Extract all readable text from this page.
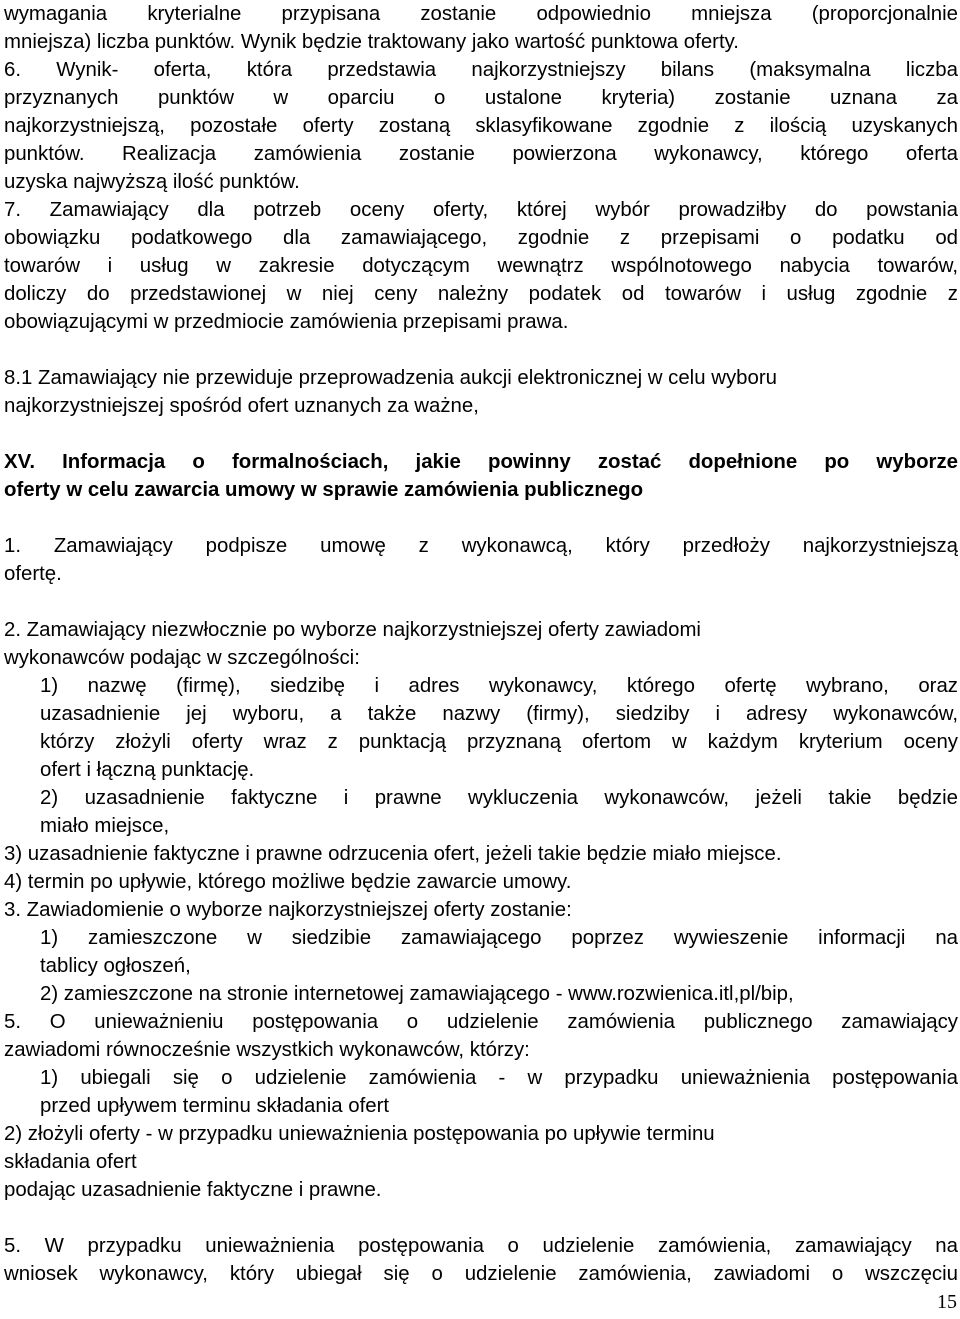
wymagania kryterialne przypisana zostanie odpowiednio mniejsza (proporcjonalnie

mniejsza) liczba punktów. Wynik będzie traktowany jako wartość punktowa oferty.

6. Wynik- oferta, która przedstawia najkorzystniejszy bilans (maksymalna liczba

przyznanych punktów w oparciu o ustalone kryteria) zostanie uznana za

najkorzystniejszą, pozostałe oferty zostaną sklasyfikowane zgodnie z ilością uzyskanych

punktów. Realizacja zamówienia zostanie powierzona wykonawcy, którego oferta

uzyska najwyższą ilość punktów.

7. Zamawiający dla potrzeb oceny oferty, której wybór prowadziłby do powstania

obowiązku podatkowego dla zamawiającego, zgodnie z przepisami o podatku od

towarów i usług w zakresie dotyczącym wewnątrz wspólnotowego nabycia towarów,

doliczy do przedstawionej w niej ceny należny podatek od towarów i usług zgodnie z

obowiązującymi w przedmiocie zamówienia przepisami prawa.

8.1 Zamawiający nie przewiduje przeprowadzenia aukcji elektronicznej w celu wyboru

najkorzystniejszej spośród ofert uznanych za ważne,

XV. Informacja o formalnościach, jakie powinny zostać dopełnione po wyborze

oferty w celu zawarcia umowy w sprawie zamówienia publicznego

1. Zamawiający podpisze umowę z wykonawcą, który przedłoży najkorzystniejszą

ofertę.

2. Zamawiający niezwłocznie po wyborze najkorzystniejszej oferty zawiadomi

wykonawców podając w szczególności:

1) nazwę (firmę), siedzibę i adres wykonawcy, którego ofertę wybrano, oraz

uzasadnienie jej wyboru, a także nazwy (firmy), siedziby i adresy wykonawców,

którzy złożyli oferty wraz z punktacją przyznaną ofertom w każdym kryterium oceny

ofert i łączną punktację.

2) uzasadnienie faktyczne i prawne wykluczenia wykonawców, jeżeli takie będzie

miało miejsce,

3) uzasadnienie faktyczne i prawne odrzucenia ofert, jeżeli takie będzie miało miejsce.

4) termin po upływie, którego możliwe będzie zawarcie umowy.

3. Zawiadomienie o wyborze najkorzystniejszej oferty zostanie:

1) zamieszczone w siedzibie zamawiającego poprzez wywieszenie informacji na

tablicy ogłoszeń,

2) zamieszczone na stronie internetowej zamawiającego - www.rozwienica.itl,pl/bip,

5. O unieważnieniu postępowania o udzielenie zamówienia publicznego zamawiający

zawiadomi równocześnie wszystkich wykonawców, którzy:

1) ubiegali się o udzielenie zamówienia - w przypadku unieważnienia postępowania

przed upływem terminu składania ofert

2) złożyli oferty - w przypadku unieważnienia postępowania po upływie terminu

składania ofert

podając uzasadnienie faktyczne i prawne.

5. W przypadku unieważnienia postępowania o udzielenie zamówienia, zamawiający na

wniosek wykonawcy, który ubiegał się o udzielenie zamówienia, zawiadomi o wszczęciu

15
